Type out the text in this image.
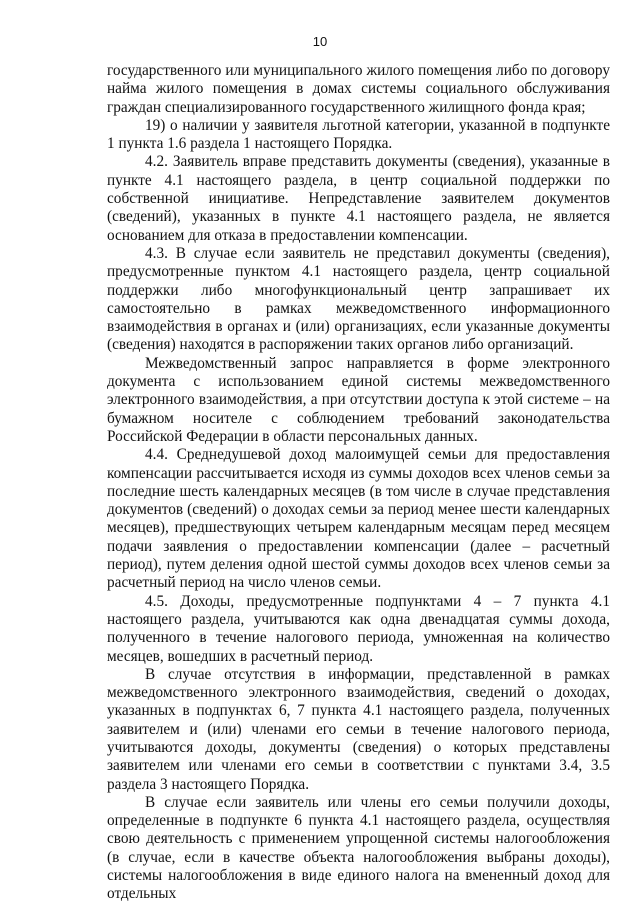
10

государственного или муниципального жилого помещения либо по договору найма жилого помещения в домах системы социального обслуживания граждан специализированного государственного жилищного фонда края;

19) о наличии у заявителя льготной категории, указанной в подпункте 1 пункта 1.6 раздела 1 настоящего Порядка.

4.2. Заявитель вправе представить документы (сведения), указанные в пункте 4.1 настоящего раздела, в центр социальной поддержки по собственной инициативе. Непредставление заявителем документов (сведений), указанных в пункте 4.1 настоящего раздела, не является основанием для отказа в предоставлении компенсации.

4.3. В случае если заявитель не представил документы (сведения), предусмотренные пунктом 4.1 настоящего раздела, центр социальной поддержки либо многофункциональный центр запрашивает их самостоятельно в рамках межведомственного информационного взаимодействия в органах и (или) организациях, если указанные документы (сведения) находятся в распоряжении таких органов либо организаций.

Межведомственный запрос направляется в форме электронного документа с использованием единой системы межведомственного электронного взаимодействия, а при отсутствии доступа к этой системе – на бумажном носителе с соблюдением требований законодательства Российской Федерации в области персональных данных.

4.4. Среднедушевой доход малоимущей семьи для предоставления компенсации рассчитывается исходя из суммы доходов всех членов семьи за последние шесть календарных месяцев (в том числе в случае представления документов (сведений) о доходах семьи за период менее шести календарных месяцев), предшествующих четырем календарным месяцам перед месяцем подачи заявления о предоставлении компенсации (далее – расчетный период), путем деления одной шестой суммы доходов всех членов семьи за расчетный период на число членов семьи.

4.5. Доходы, предусмотренные подпунктами 4 – 7 пункта 4.1 настоящего раздела, учитываются как одна двенадцатая суммы дохода, полученного в течение налогового периода, умноженная на количество месяцев, вошедших в расчетный период.

В случае отсутствия в информации, представленной в рамках межведомственного электронного взаимодействия, сведений о доходах, указанных в подпунктах 6, 7 пункта 4.1 настоящего раздела, полученных заявителем и (или) членами его семьи в течение налогового периода, учитываются доходы, документы (сведения) о которых представлены заявителем или членами его семьи в соответствии с пунктами 3.4, 3.5 раздела 3 настоящего Порядка.

В случае если заявитель или члены его семьи получили доходы, определенные в подпункте 6 пункта 4.1 настоящего раздела, осуществляя свою деятельность с применением упрощенной системы налогообложения (в случае, если в качестве объекта налогообложения выбраны доходы), системы налогообложения в виде единого налога на вмененный доход для отдельных
